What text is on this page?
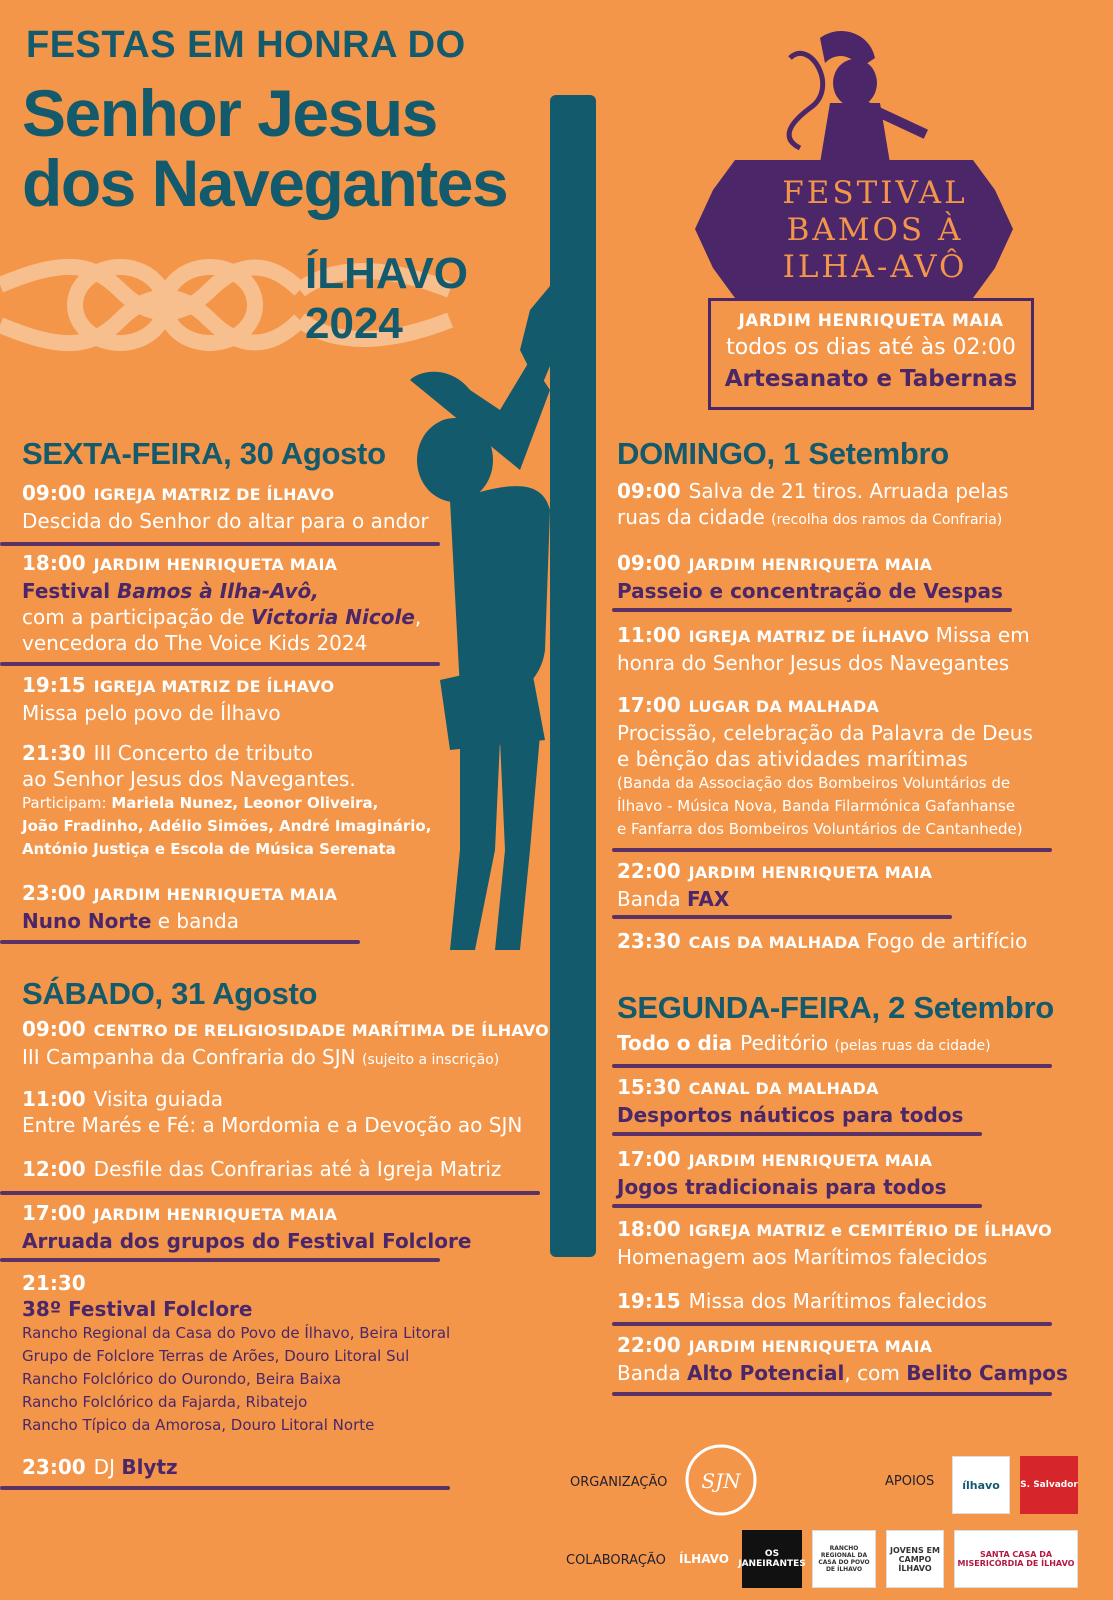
FESTAS EM HONRA DO
Senhor Jesus
dos Navegantes
ÍLHAVO
2024
FESTIVAL
BAMOS À
ILHA-AVÔ
JARDIM HENRIQUETA MAIA
todos os dias até às 02:00
Artesanato e Tabernas
SEXTA-FEIRA, 30 Agosto
09:00 IGREJA MATRIZ DE ÍLHAVO
Descida do Senhor do altar para o andor
18:00 JARDIM HENRIQUETA MAIA
Festival Bamos à Ilha-Avô,
com a participação de Victoria Nicole,
vencedora do The Voice Kids 2024
19:15 IGREJA MATRIZ DE ÍLHAVO
Missa pelo povo de Ílhavo
21:30 III Concerto de tributo
ao Senhor Jesus dos Navegantes.
Participam: Mariela Nunez, Leonor Oliveira,
João Fradinho, Adélio Simões, André Imaginário,
António Justiça e Escola de Música Serenata
23:00 JARDIM HENRIQUETA MAIA
Nuno Norte e banda
SÁBADO, 31 Agosto
09:00 CENTRO DE RELIGIOSIDADE MARÍTIMA DE ÍLHAVO
III Campanha da Confraria do SJN (sujeito a inscrição)
11:00 Visita guiada
Entre Marés e Fé: a Mordomia e a Devoção ao SJN
12:00 Desfile das Confrarias até à Igreja Matriz
17:00 JARDIM HENRIQUETA MAIA
Arruada dos grupos do Festival Folclore
21:30
38º Festival Folclore
Rancho Regional da Casa do Povo de Ílhavo, Beira Litoral
Grupo de Folclore Terras de Arões, Douro Litoral Sul
Rancho Folclórico do Ourondo, Beira Baixa
Rancho Folclórico da Fajarda, Ribatejo
Rancho Típico da Amorosa, Douro Litoral Norte
23:00 DJ Blytz
DOMINGO, 1 Setembro
09:00 Salva de 21 tiros. Arruada pelas
ruas da cidade (recolha dos ramos da Confraria)
09:00 JARDIM HENRIQUETA MAIA
Passeio e concentração de Vespas
11:00 IGREJA MATRIZ DE ÍLHAVO Missa em
honra do Senhor Jesus dos Navegantes
17:00 LUGAR DA MALHADA
Procissão, celebração da Palavra de Deus
e bênção das atividades marítimas
(Banda da Associação dos Bombeiros Voluntários de
Ílhavo - Música Nova, Banda Filarmónica Gafanhanse
e Fanfarra dos Bombeiros Voluntários de Cantanhede)
22:00 JARDIM HENRIQUETA MAIA
Banda FAX
23:30 CAIS DA MALHADA Fogo de artifício
SEGUNDA-FEIRA, 2 Setembro
Todo o dia Peditório (pelas ruas da cidade)
15:30 CANAL DA MALHADA
Desportos náuticos para todos
17:00 JARDIM HENRIQUETA MAIA
Jogos tradicionais para todos
18:00 IGREJA MATRIZ e CEMITÉRIO DE ÍLHAVO
Homenagem aos Marítimos falecidos
19:15 Missa dos Marítimos falecidos
22:00 JARDIM HENRIQUETA MAIA
Banda Alto Potencial, com Belito Campos
ORGANIZAÇÃO SJN	APOIOS	ílhavo	S. Salvador
COLABORAÇÃO	ÍLHAVO	OS JANEIRANTES
RANCHO REGIONAL DA CASA DO POVO DE ÍLHAVO
JOVENS EM CAMPO ÍLHAVO
SANTA CASA DA MISERICÓRDIA DE ÍLHAVO
